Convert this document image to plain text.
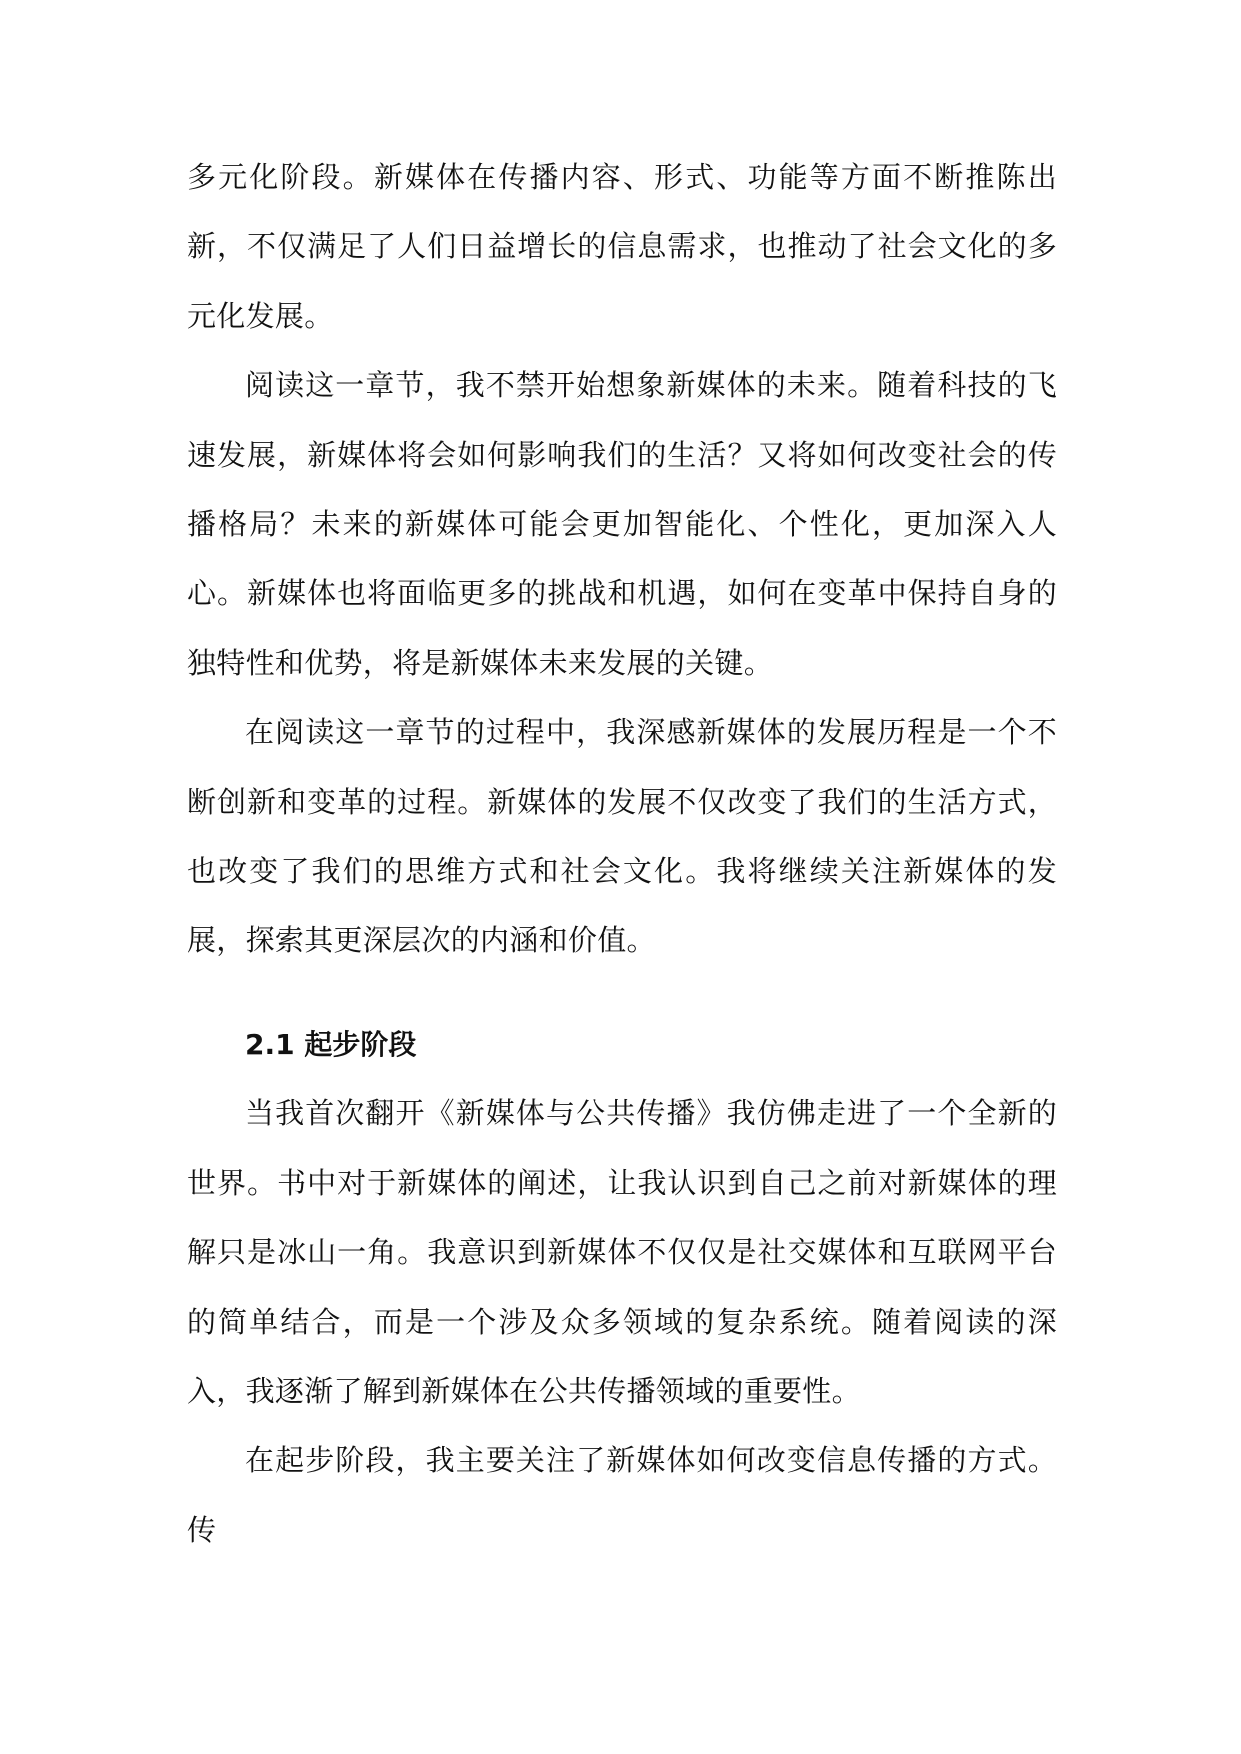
多元化阶段。新媒体在传播内容、形式、功能等方面不断推陈出新，不仅满足了人们日益增长的信息需求，也推动了社会文化的多元化发展。

阅读这一章节，我不禁开始想象新媒体的未来。随着科技的飞速发展，新媒体将会如何影响我们的生活？又将如何改变社会的传播格局？未来的新媒体可能会更加智能化、个性化，更加深入人心。新媒体也将面临更多的挑战和机遇，如何在变革中保持自身的独特性和优势，将是新媒体未来发展的关键。

在阅读这一章节的过程中，我深感新媒体的发展历程是一个不断创新和变革的过程。新媒体的发展不仅改变了我们的生活方式，也改变了我们的思维方式和社会文化。我将继续关注新媒体的发展，探索其更深层次的内涵和价值。

2.1 起步阶段

当我首次翻开《新媒体与公共传播》我仿佛走进了一个全新的世界。书中对于新媒体的阐述，让我认识到自己之前对新媒体的理解只是冰山一角。我意识到新媒体不仅仅是社交媒体和互联网平台的简单结合，而是一个涉及众多领域的复杂系统。随着阅读的深入，我逐渐了解到新媒体在公共传播领域的重要性。

在起步阶段，我主要关注了新媒体如何改变信息传播的方式。传
